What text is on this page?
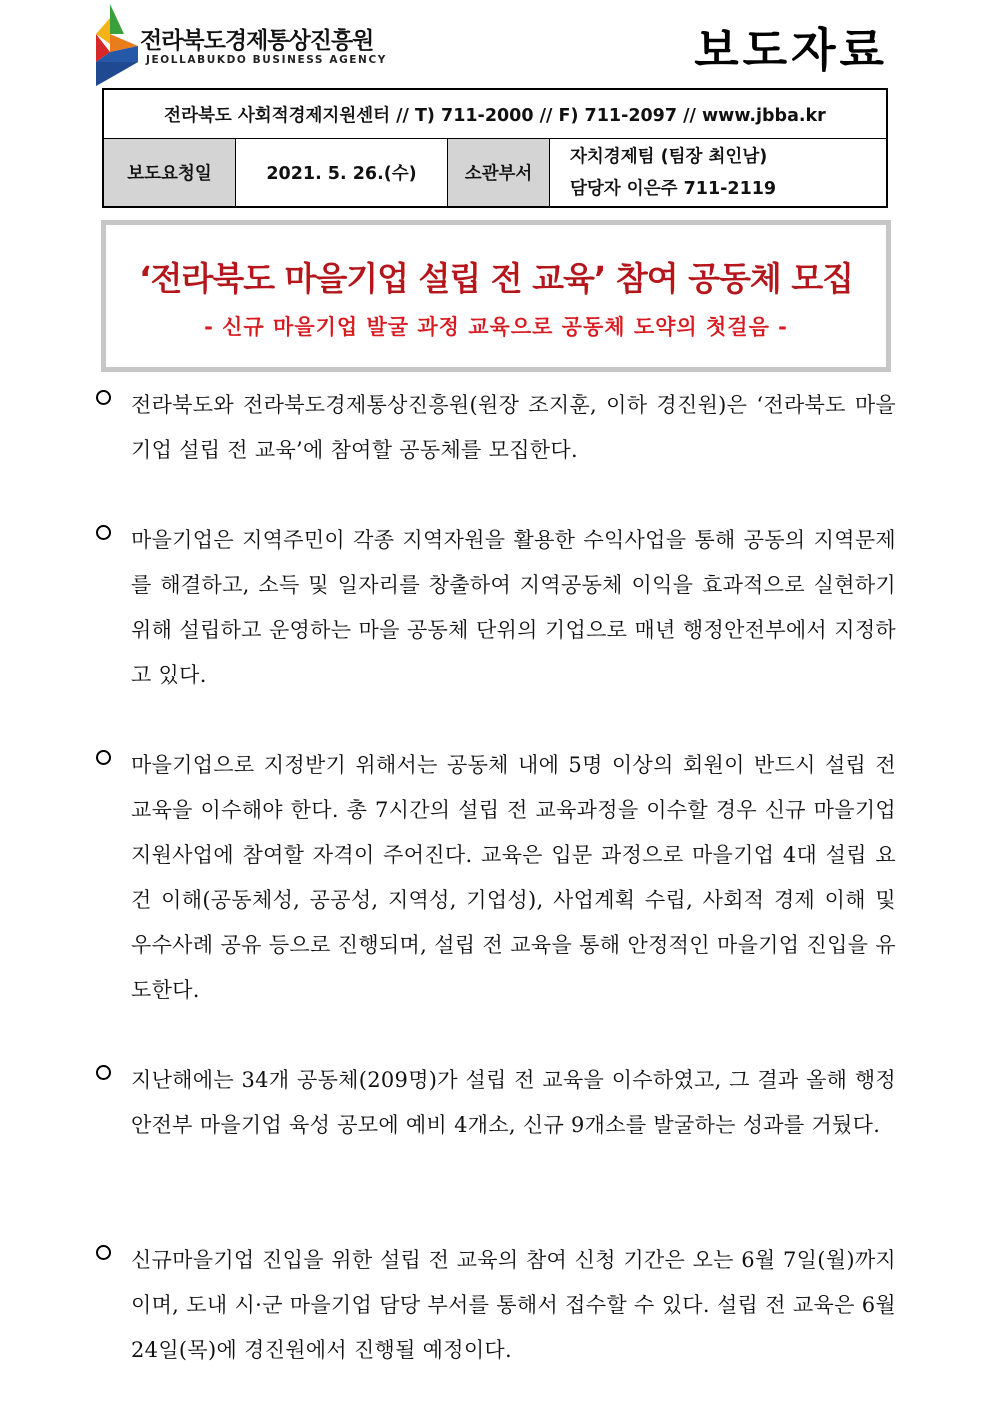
전라북도경제통상진흥원
JEOLLABUKDO BUSINESS AGENCY	보도자료
전라북도 사회적경제지원센터 // T) 711-2000 // F) 711-2097 // www.jbba.kr
보도요청일	2021. 5. 26.(수)	소관부서
자치경제팀 (팀장 최인남)
담당자 이은주 711-2119
‘전라북도 마을기업 설립 전 교육’ 참여 공동체 모집
- 신규 마을기업 발굴 과정 교육으로 공동체 도약의 첫걸음 -
전라북도와 전라북도경제통상진흥원(원장 조지훈, 이하 경진원)은 ‘전라북도 마을기업 설립 전 교육’에 참여할 공동체를 모집한다.
마을기업은 지역주민이 각종 지역자원을 활용한 수익사업을 통해 공동의 지역문제를 해결하고, 소득 및 일자리를 창출하여 지역공동체 이익을 효과적으로 실현하기 위해 설립하고 운영하는 마을 공동체 단위의 기업으로 매년 행정안전부에서 지정하고 있다.
마을기업으로 지정받기 위해서는 공동체 내에 5명 이상의 회원이 반드시 설립 전 교육을 이수해야 한다. 총 7시간의 설립 전 교육과정을 이수할 경우 신규 마을기업 지원사업에 참여할 자격이 주어진다. 교육은 입문 과정으로 마을기업 4대 설립 요건 이해(공동체성, 공공성, 지역성, 기업성), 사업계획 수립, 사회적 경제 이해 및 우수사례 공유 등으로 진행되며, 설립 전 교육을 통해 안정적인 마을기업 진입을 유도한다.
지난해에는 34개 공동체(209명)가 설립 전 교육을 이수하였고, 그 결과 올해 행정안전부 마을기업 육성 공모에 예비 4개소, 신규 9개소를 발굴하는 성과를 거뒀다.
신규마을기업 진입을 위한 설립 전 교육의 참여 신청 기간은 오는 6월 7일(월)까지이며, 도내 시·군 마을기업 담당 부서를 통해서 접수할 수 있다. 설립 전 교육은 6월 24일(목)에 경진원에서 진행될 예정이다.
